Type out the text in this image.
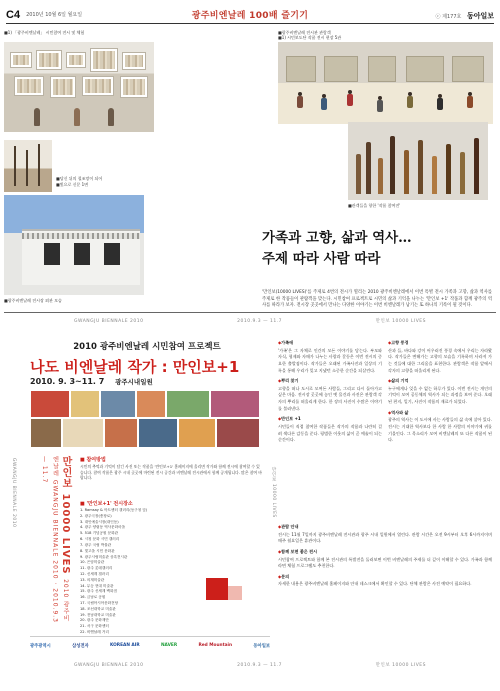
C4 2010년 10월 6일 월요일	광주비엔날레 100배 즐기기	ⓒ 제177호 동아일보
■ 1) 「광주비엔날레」 시민참여 전시 및 체험
■ 당신 뒤의 철조망이 되어
■ 빛으로 신문 1면
■ 광주비엔날레 전시관 관람객
■ 1) 시민보도단 작품 전시 현장 5관
■ 관객들을 향한 '작품 참여전'
■ 광주비엔날레 전시장 외관 모습
가족과 고향, 삶과 역사…
주제 따라 사람 따라
'만인보(10000 LIVES)'를 주제로 4번의 전시가 열리는 2010 광주비엔날레에서 이번 특별 전시 가족과 고향, 삶과 역사를 주제로 한 작품들이 관람객을 맞는다. 시민참여 프로젝트로 시민의 삶과 기억을 나누는 '만인보 +1' 작품과 함께 광주의 역사를 따라가 보자. 전시장 곳곳에서 만나는 다양한 이야기는 이번 비엔날레가 남기는 또 하나의 기록이 될 것이다.
GWANGJU BIENNALE 2010	2010.9.3 — 11.7	만인보 10000 LIVES
GWANGJU BIENNALE 2010	만인보 10000 LIVES
2010 광주비엔날레 시민참여 프로젝트
나도 비엔날레 작가 : 만인보+1
2010. 9. 3~11. 7 광주시내일원
만인보 10000 LIVES 2010 광주비엔날레 GWANGJU BIENNALE 2010 · 2010.9.3 — 11.7	■ 참여방법
시민의 추억과 기억이 담긴 사진 또는 작품을 '만인보+1' 홈페이지에 올리면 작가와 함께 전시에 참여할 수 있습니다. 참여 작품은 광주 시내 곳곳에 마련된 전시 공간과 비엔날레 전시관에서 함께 공개됩니다. 많은 참여 바랍니다.
■ '만인보+1' 전시장소
1. Ramsay & 아트센터 갤러리(동구청 앞)
2. 광주극장(충장로)
3. 대인예술시장(대인동)
4. 광주 양림동 역사문화마을
5. 518 기념공원 문화관
6. 시청 문화 시민 갤러리
7. 광주 국립 박물관
8. 빛고을 시민 문화관
9. 광주시립미술관 상록전시관
10. 은암미술관
11. 광주 롯데갤러리
12. 신세계 갤러리
13. 의재미술관
14. 무등 현대 미술관
15. 광주 신세계 백화점
16. 금남로 공원
17. 국립아시아문화전당
18. 조선대학교 미술관
19. 전남대학교 미술관
20. 광주 문화재단
21. 서구 문화센터
22. 비엔날레 거리
광주광역시	삼성전자	KOREAN AIR	NAVER	Red Mountain	동아일보
GWANGJU BIENNALE 2010	2010.9.3 — 11.7	만인보 10000 LIVES
◆ 가족애
'가족'은 그 자체로 인간의 모든 이야기를 담는다. 부모와 자식, 형제와 자매가 나누는 사랑과 갈등은 이번 전시의 중요한 출발점이다. 작가들은 오래된 가족사진과 일상의 기록을 통해 우리가 잊고 지냈던 소중한 순간을 되살린다.
◆ 뿌리 찾기
고향을 떠나 도시로 모여든 사람들, 그리고 다시 돌아가고 싶은 마음. 전시장 곳곳에 놓인 옛 물건과 사진은 관람객 각자의 뿌리를 떠올리게 한다. 한 장의 사진이 수많은 이야기를 불러낸다.
◆ 만인보 +1
시민들이 직접 참여한 작품들은 작가의 작품과 나란히 걸려 색다른 감동을 준다. 평범한 이웃의 삶이 곧 예술이 되는 순간이다.
◆ 고향 풍경
산과 들, 바다와 강이 어우러진 풍경 속에서 우리는 자라왔다. 작가들은 변해가는 고향의 모습을 기록하며 사라져 가는 것들에 대한 그리움을 표현한다. 관람객은 작품 앞에서 각자의 고향을 떠올리게 된다.
◆ 삶의 기억
누구에게나 잊을 수 없는 하루가 있다. 이번 전시는 개인의 기억이 모여 공동체의 역사가 되는 과정을 보여 준다. 오래된 편지, 일기, 사진이 작품의 재료가 되었다.
◆ 역사와 삶
광주의 역사는 이 도시에 사는 사람들의 삶 속에 살아 있다. 전시는 거대한 역사보다 한 사람 한 사람의 이야기에 귀를 기울인다. 그 목소리가 모여 비엔날레의 또 다른 작품이 된다.
◆ 관람 안내
전시는 11월 7일까지 광주비엔날레 전시관과 광주 시내 일원에서 열린다. 관람 시간은 오전 9시부터 오후 6시까지이며 매주 월요일은 휴관이다.
◆ 함께 보면 좋은 전시
시민참여 프로젝트와 함께 본 전시관의 특별전을 둘러보면 이번 비엔날레의 주제를 더 깊이 이해할 수 있다. 가족과 함께라면 체험 프로그램도 추천한다.
◆ 문의
자세한 내용은 광주비엔날레 홈페이지와 안내 데스크에서 확인할 수 있다. 단체 관람은 사전 예약이 필요하다.
